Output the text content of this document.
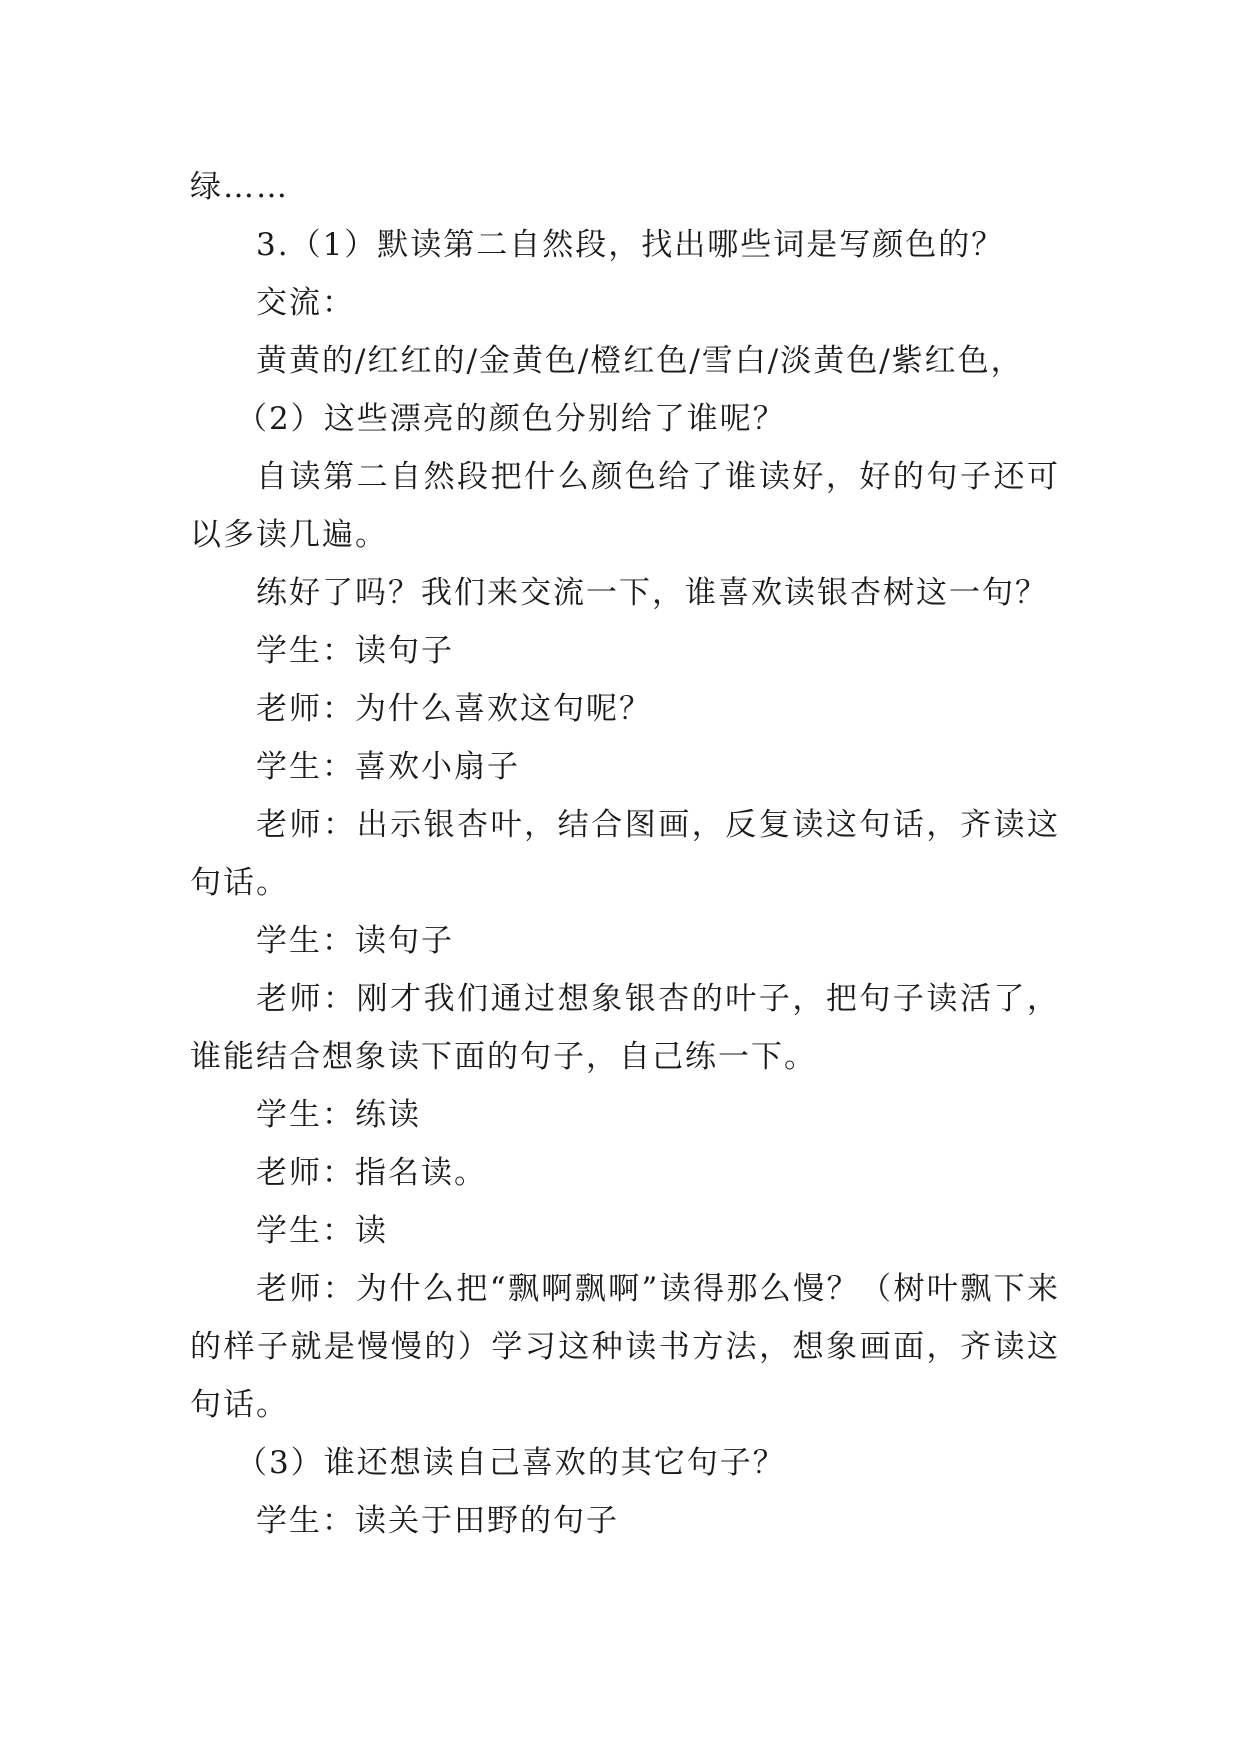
绿……

3.（1）默读第二自然段，找出哪些词是写颜色的？

交流：

黄黄的/红红的/金黄色/橙红色/雪白/淡黄色/紫红色，

（2）这些漂亮的颜色分别给了谁呢？

自读第二自然段把什么颜色给了谁读好，好的句子还可以多读几遍。

练好了吗？我们来交流一下，谁喜欢读银杏树这一句？

学生：读句子

老师：为什么喜欢这句呢？

学生：喜欢小扇子

老师：出示银杏叶，结合图画，反复读这句话，齐读这句话。

学生：读句子

老师：刚才我们通过想象银杏的叶子，把句子读活了，谁能结合想象读下面的句子，自己练一下。

学生：练读

老师：指名读。

学生：读

老师：为什么把“飘啊飘啊”读得那么慢？（树叶飘下来的样子就是慢慢的）学习这种读书方法，想象画面，齐读这句话。

（3）谁还想读自己喜欢的其它句子？

学生：读关于田野的句子
